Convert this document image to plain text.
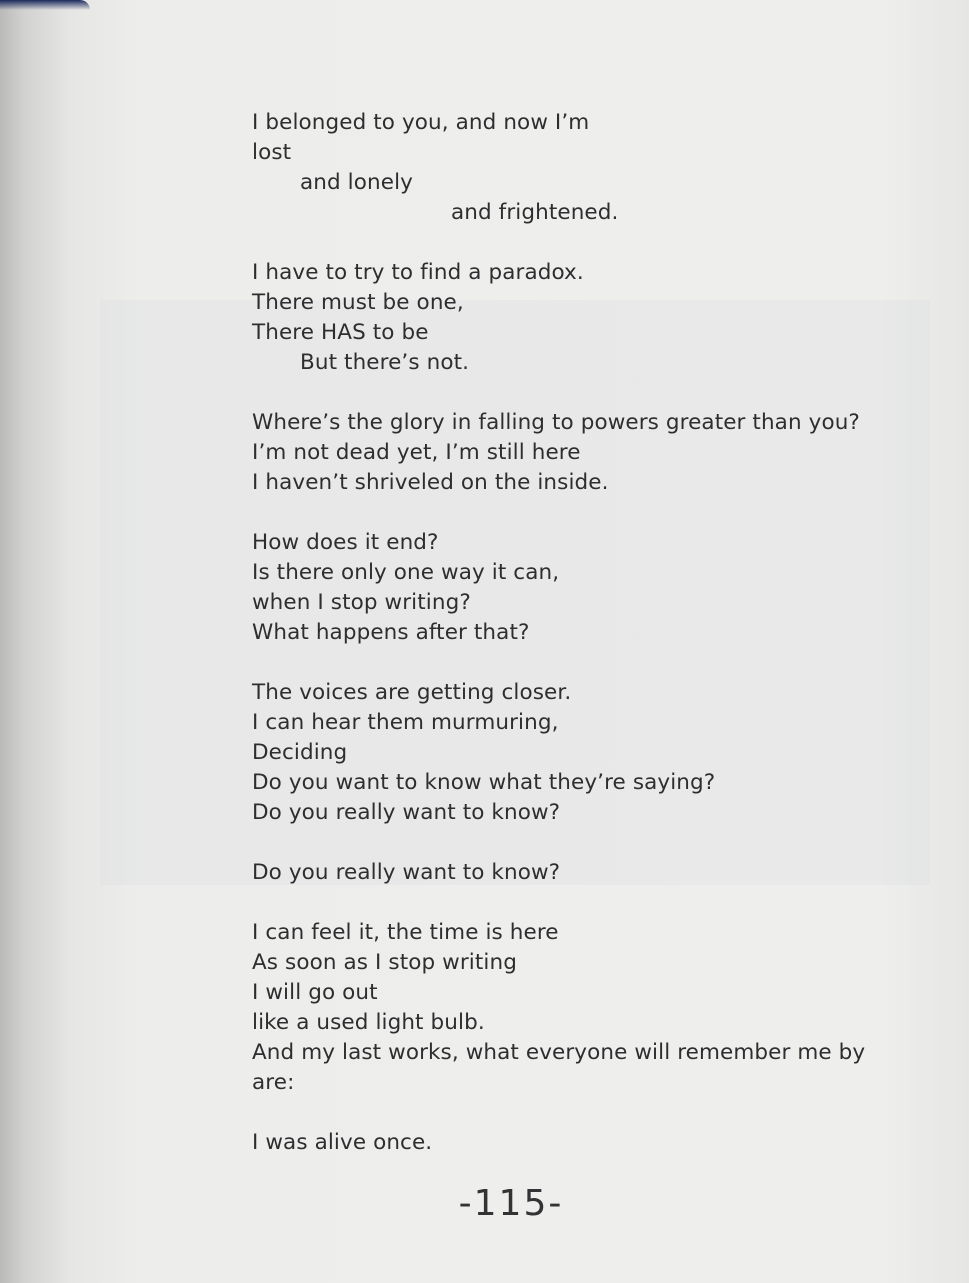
I belonged to you, and now I’m
lost
and lonely
and frightened.
I have to try to find a paradox.
There must be one,
There HAS to be
But there’s not.
Where’s the glory in falling to powers greater than you?
I’m not dead yet, I’m still here
I haven’t shriveled on the inside.
How does it end?
Is there only one way it can,
when I stop writing?
What happens after that?
The voices are getting closer.
I can hear them murmuring,
Deciding
Do you want to know what they’re saying?
Do you really want to know?
Do you really want to know?
I can feel it, the time is here
As soon as I stop writing
I will go out
like a used light bulb.
And my last works, what everyone will remember me by
are:
I was alive once.
-115-
